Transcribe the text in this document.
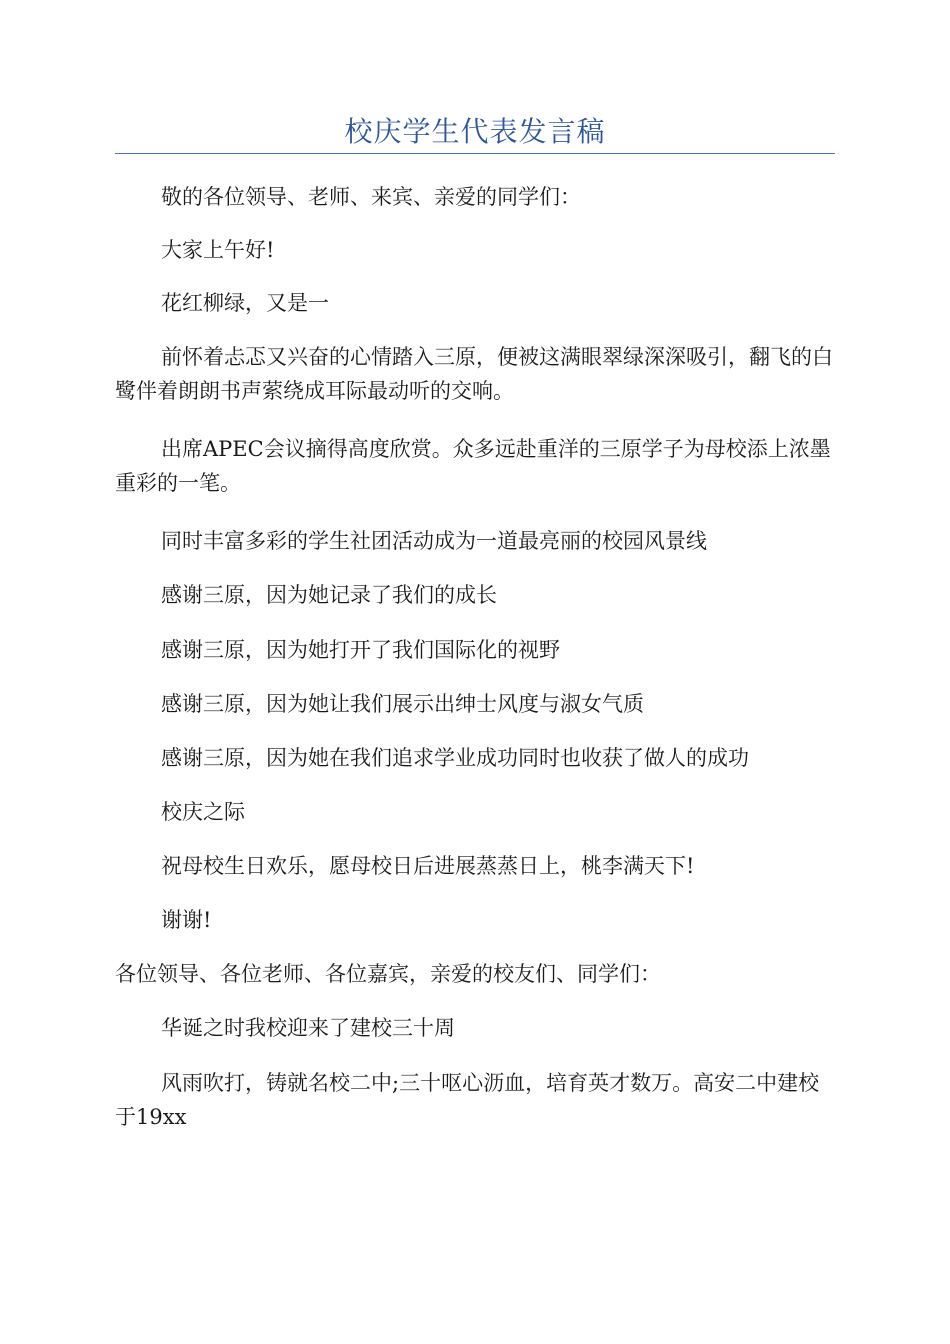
校庆学生代表发言稿

敬的各位领导、老师、来宾、亲爱的同学们：

大家上午好!

花红柳绿，又是一

前怀着忐忑又兴奋的心情踏入三原，便被这满眼翠绿深深吸引，翻飞的白鹭伴着朗朗书声萦绕成耳际最动听的交响。

出席APEC会议摘得高度欣赏。众多远赴重洋的三原学子为母校添上浓墨重彩的一笔。

同时丰富多彩的学生社团活动成为一道最亮丽的校园风景线

感谢三原，因为她记录了我们的成长

感谢三原，因为她打开了我们国际化的视野

感谢三原，因为她让我们展示出绅士风度与淑女气质

感谢三原，因为她在我们追求学业成功同时也收获了做人的成功

校庆之际

祝母校生日欢乐，愿母校日后进展蒸蒸日上，桃李满天下!

谢谢!

各位领导、各位老师、各位嘉宾，亲爱的校友们、同学们：

华诞之时我校迎来了建校三十周

风雨吹打，铸就名校二中;三十呕心沥血，培育英才数万。高安二中建校于19xx
